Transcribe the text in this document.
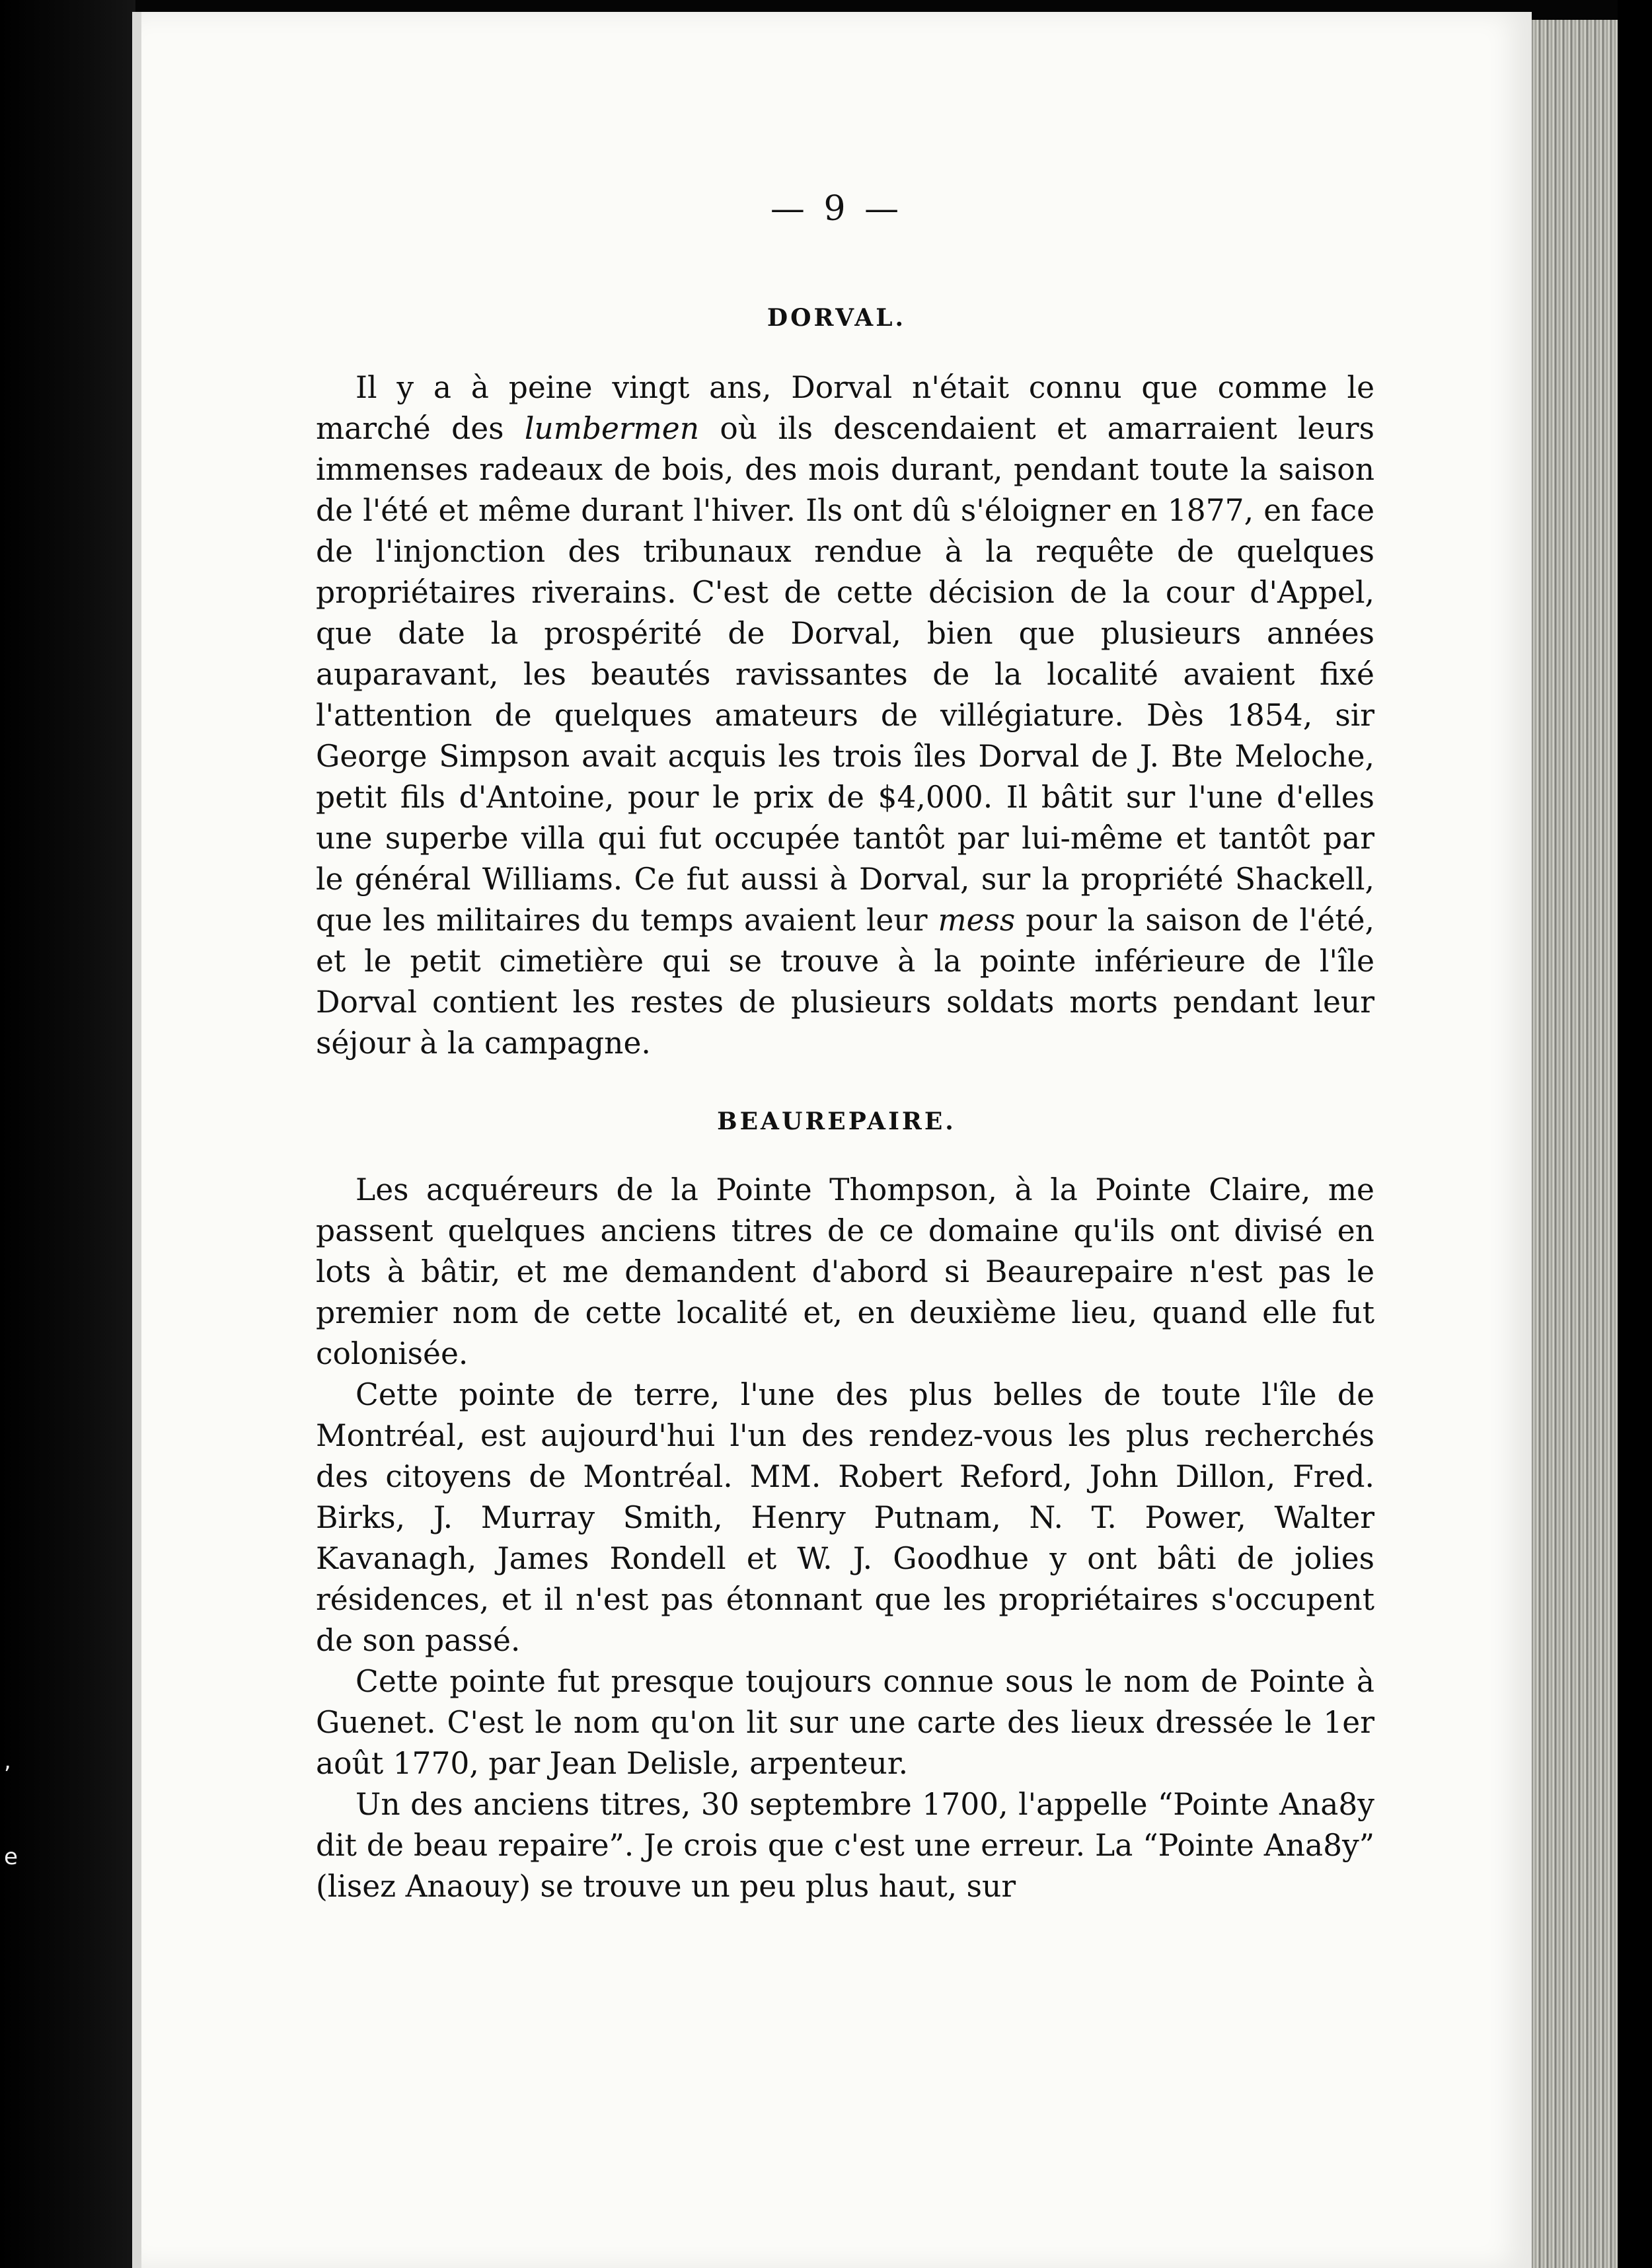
,
e
— 9 —
DORVAL.

Il y a à peine vingt ans, Dorval n'était connu que comme le marché des lumbermen où ils descendaient et amarraient leurs immenses radeaux de bois, des mois durant, pendant toute la saison de l'été et même durant l'hiver. Ils ont dû s'éloigner en 1877, en face de l'injonction des tribunaux rendue à la requête de quelques propriétaires riverains. C'est de cette décision de la cour d'Appel, que date la prospérité de Dorval, bien que plusieurs années auparavant, les beautés ravissantes de la localité avaient fixé l'attention de quelques amateurs de villégiature. Dès 1854, sir George Simpson avait acquis les trois îles Dorval de J. Bte Meloche, petit fils d'Antoine, pour le prix de $4,000. Il bâtit sur l'une d'elles une superbe villa qui fut occupée tantôt par lui-même et tantôt par le général Williams. Ce fut aussi à Dorval, sur la propriété Shackell, que les militaires du temps avaient leur mess pour la saison de l'été, et le petit cimetière qui se trouve à la pointe inférieure de l'île Dorval contient les restes de plusieurs soldats morts pendant leur séjour à la campagne.

BEAUREPAIRE.

Les acquéreurs de la Pointe Thompson, à la Pointe Claire, me passent quelques anciens titres de ce domaine qu'ils ont divisé en lots à bâtir, et me demandent d'abord si Beaurepaire n'est pas le premier nom de cette localité et, en deuxième lieu, quand elle fut colonisée.

Cette pointe de terre, l'une des plus belles de toute l'île de Montréal, est aujourd'hui l'un des rendez-vous les plus recherchés des citoyens de Montréal. MM. Robert Reford, John Dillon, Fred. Birks, J. Murray Smith, Henry Putnam, N. T. Power, Walter Kavanagh, James Rondell et W. J. Goodhue y ont bâti de jolies résidences, et il n'est pas étonnant que les propriétaires s'occupent de son passé.

Cette pointe fut presque toujours connue sous le nom de Pointe à Guenet. C'est le nom qu'on lit sur une carte des lieux dressée le 1er août 1770, par Jean Delisle, arpenteur.

Un des anciens titres, 30 septembre 1700, l'appelle “Pointe Ana8y dit de beau repaire”. Je crois que c'est une erreur. La “Pointe Ana8y” (lisez Anaouy) se trouve un peu plus haut, sur
